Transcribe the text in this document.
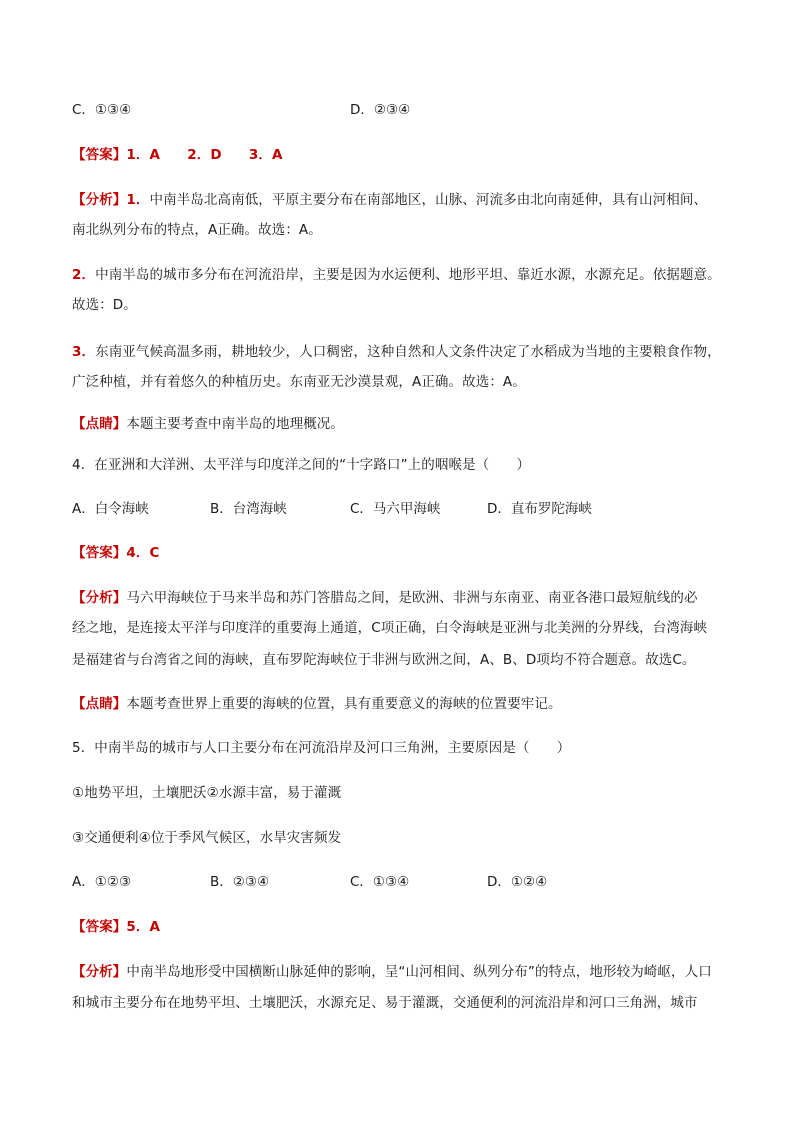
C．①③④	D．②③④
【答案】1．A　　2．D　　3．A
【分析】1．中南半岛北高南低，平原主要分布在南部地区，山脉、河流多由北向南延伸，具有山河相间、
南北纵列分布的特点，A正确。故选：A。
2．中南半岛的城市多分布在河流沿岸，主要是因为水运便利、地形平坦、靠近水源，水源充足。依据题意。
故选：D。
3．东南亚气候高温多雨，耕地较少，人口稠密，这种自然和人文条件决定了水稻成为当地的主要粮食作物，
广泛种植，并有着悠久的种植历史。东南亚无沙漠景观，A正确。故选：A。
【点睛】本题主要考查中南半岛的地理概况。
4．在亚洲和大洋洲、太平洋与印度洋之间的“十字路口”上的咽喉是（　　）
A．白令海峡	B．台湾海峡	C．马六甲海峡	D．直布罗陀海峡
【答案】4．C
【分析】马六甲海峡位于马来半岛和苏门答腊岛之间，是欧洲、非洲与东南亚、南亚各港口最短航线的必
经之地，是连接太平洋与印度洋的重要海上通道，C项正确，白令海峡是亚洲与北美洲的分界线，台湾海峡
是福建省与台湾省之间的海峡，直布罗陀海峡位于非洲与欧洲之间，A、B、D项均不符合题意。故选C。
【点睛】本题考查世界上重要的海峡的位置，具有重要意义的海峡的位置要牢记。
5．中南半岛的城市与人口主要分布在河流沿岸及河口三角洲，主要原因是（　　）
①地势平坦，土壤肥沃②水源丰富，易于灌溉
③交通便利④位于季风气候区，水旱灾害频发
A．①②③	B．②③④	C．①③④	D．①②④
【答案】5．A
【分析】中南半岛地形受中国横断山脉延伸的影响，呈“山河相间、纵列分布”的特点，地形较为崎岖，人口
和城市主要分布在地势平坦、土壤肥沃，水源充足、易于灌溉，交通便利的河流沿岸和河口三角洲，城市
